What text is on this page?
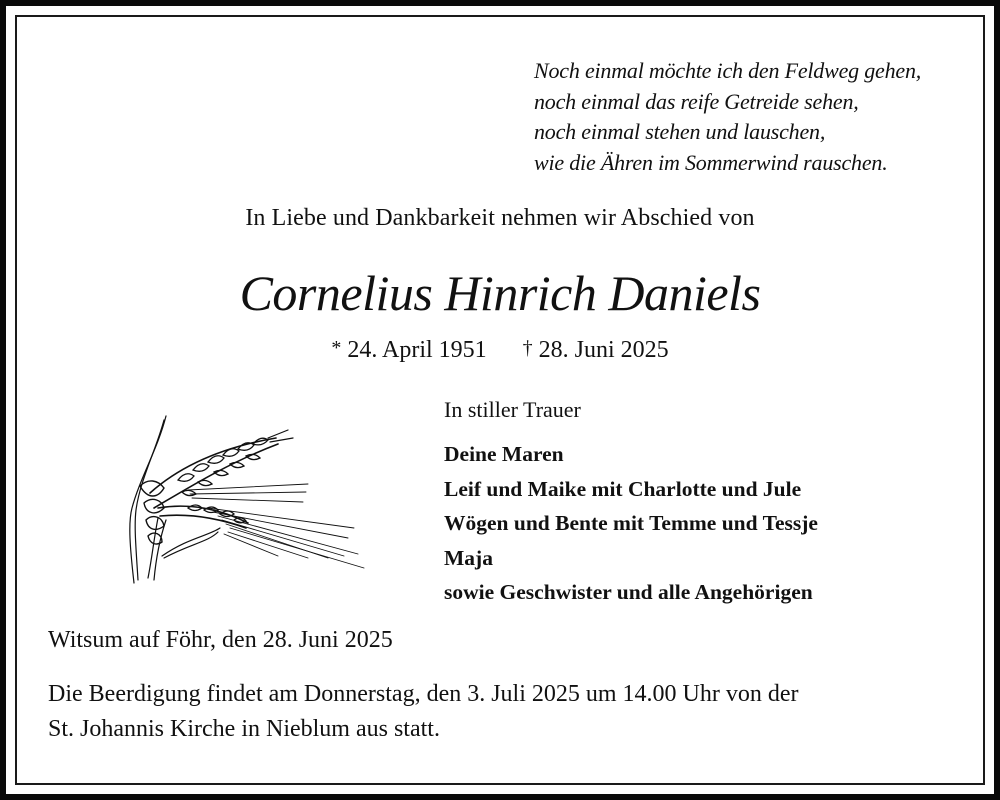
Noch einmal möchte ich den Feldweg gehen,
noch einmal das reife Getreide sehen,
noch einmal stehen und lauschen,
wie die Ähren im Sommerwind rauschen.
In Liebe und Dankbarkeit nehmen wir Abschied von
Cornelius Hinrich Daniels
* 24. April 1951 † 28. Juni 2025
In stiller Trauer
Deine Maren
Leif und Maike mit Charlotte und Jule
Wögen und Bente mit Temme und Tessje
Maja
sowie Geschwister und alle Angehörigen
Witsum auf Föhr, den 28. Juni 2025
Die Beerdigung findet am Donnerstag, den 3. Juli 2025 um 14.00 Uhr von der
St. Johannis Kirche in Nieblum aus statt.
